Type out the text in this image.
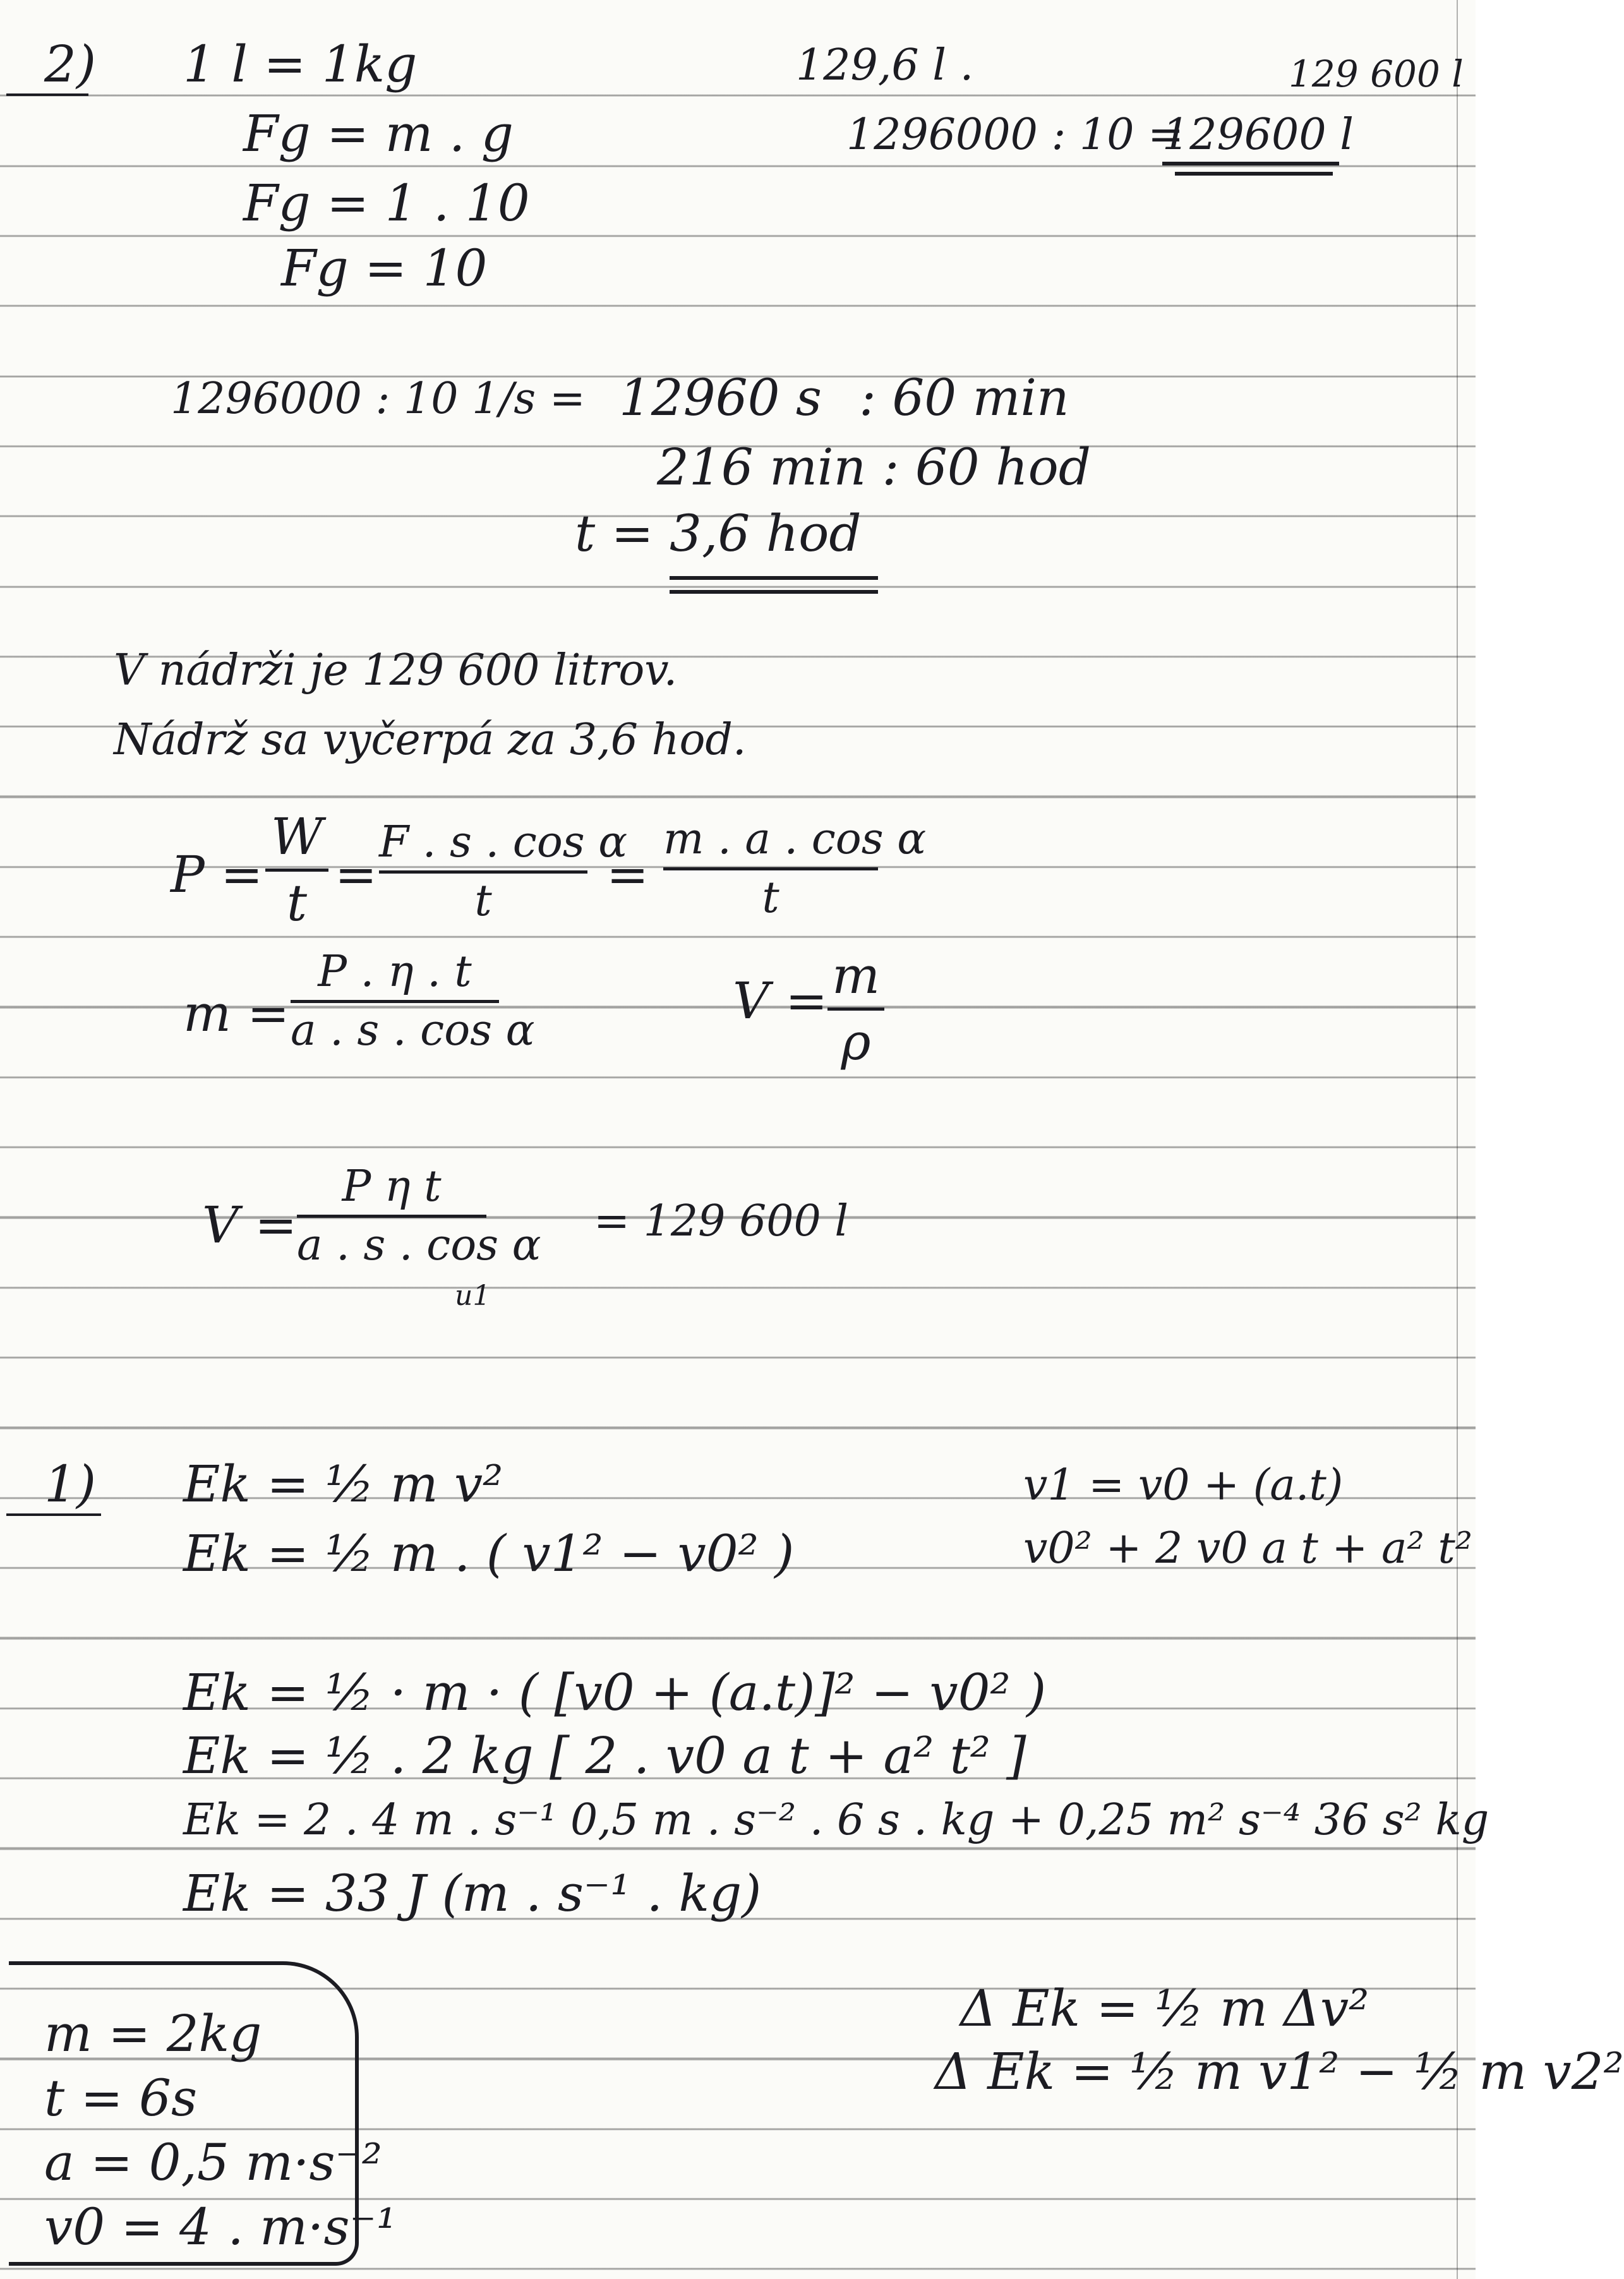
2) 1 l = 1kg
Fg = m . g
Fg = 1 . 10
Fg = 10
129,6 l .	129 600 l
1296000 : 10 =
129600 l
1296000 : 10 1/s = 12960 s : 60 min
216 min : 60 hod
t = 3,6 hod
V nádrži je 129 600 litrov.
Nádrž sa vyčerpá za 3,6 hod.
P =
W
t =
F . s . cos α
t	=
m . a . cos α
t
m =
P . η . t
a . s . cos α
V = m
ρ
V =
P η t
a . s . cos α
u1
= 129 600 l
1) Ek = ½ m v²
Ek = ½ m . ( v1² − v0² )
v1 = v0 + (a.t)
v0² + 2 v0 a t + a² t²
Ek = ½ · m · ( [v0 + (a.t)]² − v0² )
Ek = ½ . 2 kg [ 2 . v0 a t + a² t² ]
Ek = 2 . 4 m . s⁻¹ 0,5 m . s⁻² . 6 s . kg + 0,25 m² s⁻⁴ 36 s² kg
Ek = 33 J (m . s⁻¹ . kg)
Δ Ek = ½ m Δv²
Δ Ek = ½ m v1² − ½ m v2²
m = 2kg
t = 6s
a = 0,5 m·s⁻²
v0 = 4 . m·s⁻¹
